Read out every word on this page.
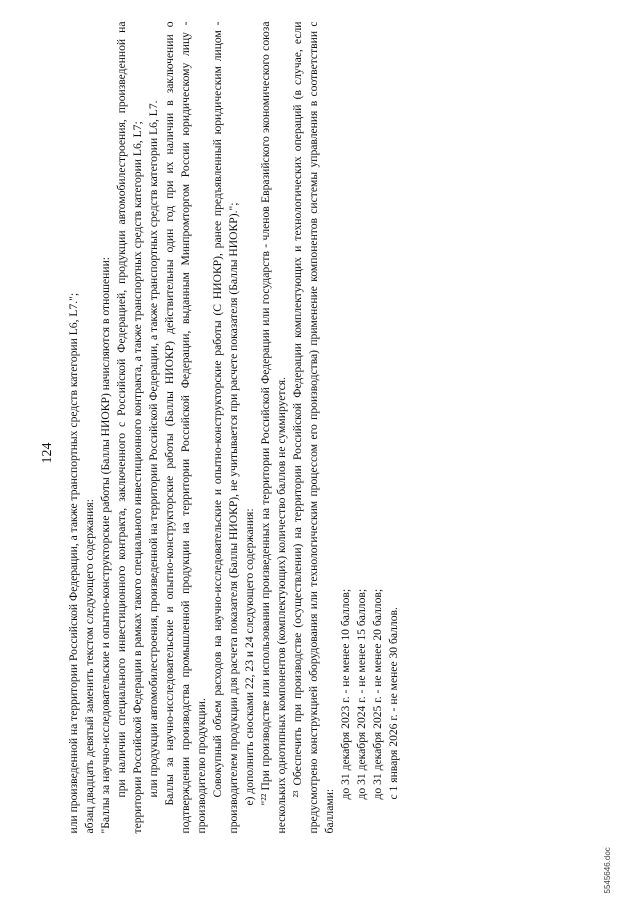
124 или произведенной на территории Российской Федерации, а также транспортных средств категории L6, L7."; абзац двадцать девятый заменить текстом следующего содержания: "Баллы за научно-исследовательские и опытно-конструкторские работы (Баллы НИОКР) начисляются в отношении: при наличии специального инвестиционного контракта, заключенного с Российской Федерацией, продукции автомобилестроения, произведенной на территории Российской Федерации в рамках такого специального инвестиционного контракта, а также транспортных средств категории L6, L7; или продукции автомобилестроения, произведенной на территории Российской Федерации, а также транспортных средств категории L6, L7. Баллы за научно-исследовательские и опытно-конструкторские работы (Баллы НИОКР) действительны один год при их наличии в заключении о подтверждении производства промышленной продукции на территории Российской Федерации, выданным Минпромторгом России юридическому лицу - производителю продукции. Совокупный объем расходов на научно-исследовательские и опытно-конструкторские работы (С НИОКР), ранее предъявленный юридическим лицом - производителем продукции для расчета показателя (Баллы НИОКР), не учитывается при расчете показателя (Баллы НИОКР)."; е) дополнить сносками 22, 23 и 24 следующего содержания: "²² При производстве или использовании произведенных на территории Российской Федерации или государств - членов Евразийского экономического союза нескольких однотипных компонентов (комплектующих) количество баллов не суммируется. ²³ Обеспечить при производстве (осуществлении) на территории Российской Федерации комплектующих и технологических операций (в случае, если предусмотрено конструкцией оборудования или технологическим процессом его производства) применение компонентов системы управления в соответствии с баллами:

до 31 декабря 2023 г. - не менее 10 баллов; до 31 декабря 2024 г. - не менее 15 баллов; до 31 декабря 2025 г. - не менее 20 баллов; с 1 января 2026 г. - не менее 30 баллов.

5545646.doc
